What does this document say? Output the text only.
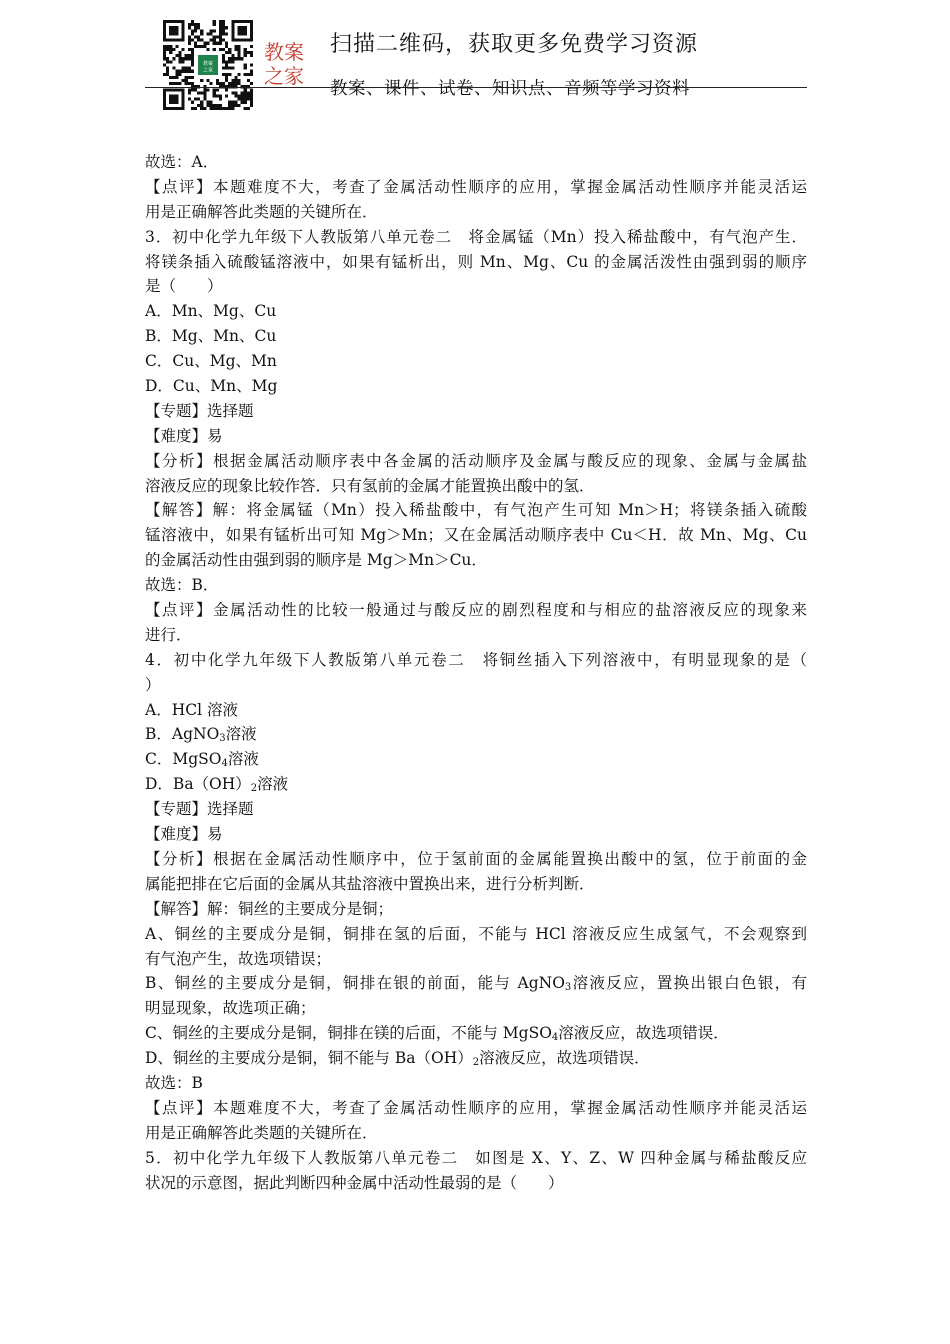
教案
之家
教案
之家
扫描二维码，获取更多免费学习资源
教案、课件、试卷、知识点、音频等学习资料
故选：A．
【点评】本题难度不大，考查了金属活动性顺序的应用，掌握金属活动性顺序并能灵活运
用是正确解答此类题的关键所在．
3．初中化学九年级下人教版第八单元卷二　将金属锰（Mn）投入稀盐酸中，有气泡产生．
将镁条插入硫酸锰溶液中，如果有锰析出，则 Mn、Mg、Cu 的金属活泼性由强到弱的顺序
是（　　）
A．Mn、Mg、Cu
B．Mg、Mn、Cu
C．Cu、Mg、Mn
D．Cu、Mn、Mg
【专题】选择题
【难度】易
【分析】根据金属活动顺序表中各金属的活动顺序及金属与酸反应的现象、金属与金属盐
溶液反应的现象比较作答．只有氢前的金属才能置换出酸中的氢．
【解答】解：将金属锰（Mn）投入稀盐酸中，有气泡产生可知 Mn＞H；将镁条插入硫酸
锰溶液中，如果有锰析出可知 Mg＞Mn；又在金属活动顺序表中 Cu＜H．故 Mn、Mg、Cu
的金属活动性由强到弱的顺序是 Mg＞Mn＞Cu．
故选：B．
【点评】金属活动性的比较一般通过与酸反应的剧烈程度和与相应的盐溶液反应的现象来
进行．
4．初中化学九年级下人教版第八单元卷二　将铜丝插入下列溶液中，有明显现象的是（
）
A．HCl 溶液
B．AgNO$_3$溶液
C．MgSO$_4$溶液
D．$Ba(OH)_2$溶液
【专题】选择题
【难度】易
【分析】根据在金属活动性顺序中，位于氢前面的金属能置换出酸中的氢，位于前面的金
属能把排在它后面的金属从其盐溶液中置换出来，进行分析判断．
【解答】解：铜丝的主要成分是铜；
A、铜丝的主要成分是铜，铜排在氢的后面，不能与 HCl 溶液反应生成氢气，不会观察到
有气泡产生，故选项错误；
B、铜丝的主要成分是铜，铜排在银的前面，能与 AgNO$_3$溶液反应，置换出银白色银，有
明显现象，故选项正确；
C、铜丝的主要成分是铜，铜排在镁的后面，不能与 MgSO$_4$溶液反应，故选项错误．
D、铜丝的主要成分是铜，铜不能与 $Ba(OH)_2$溶液反应，故选项错误．
故选：B
【点评】本题难度不大，考查了金属活动性顺序的应用，掌握金属活动性顺序并能灵活运
用是正确解答此类题的关键所在．
5．初中化学九年级下人教版第八单元卷二　如图是 X、Y、Z、W 四种金属与稀盐酸反应
状况的示意图，据此判断四种金属中活动性最弱的是（　　）
